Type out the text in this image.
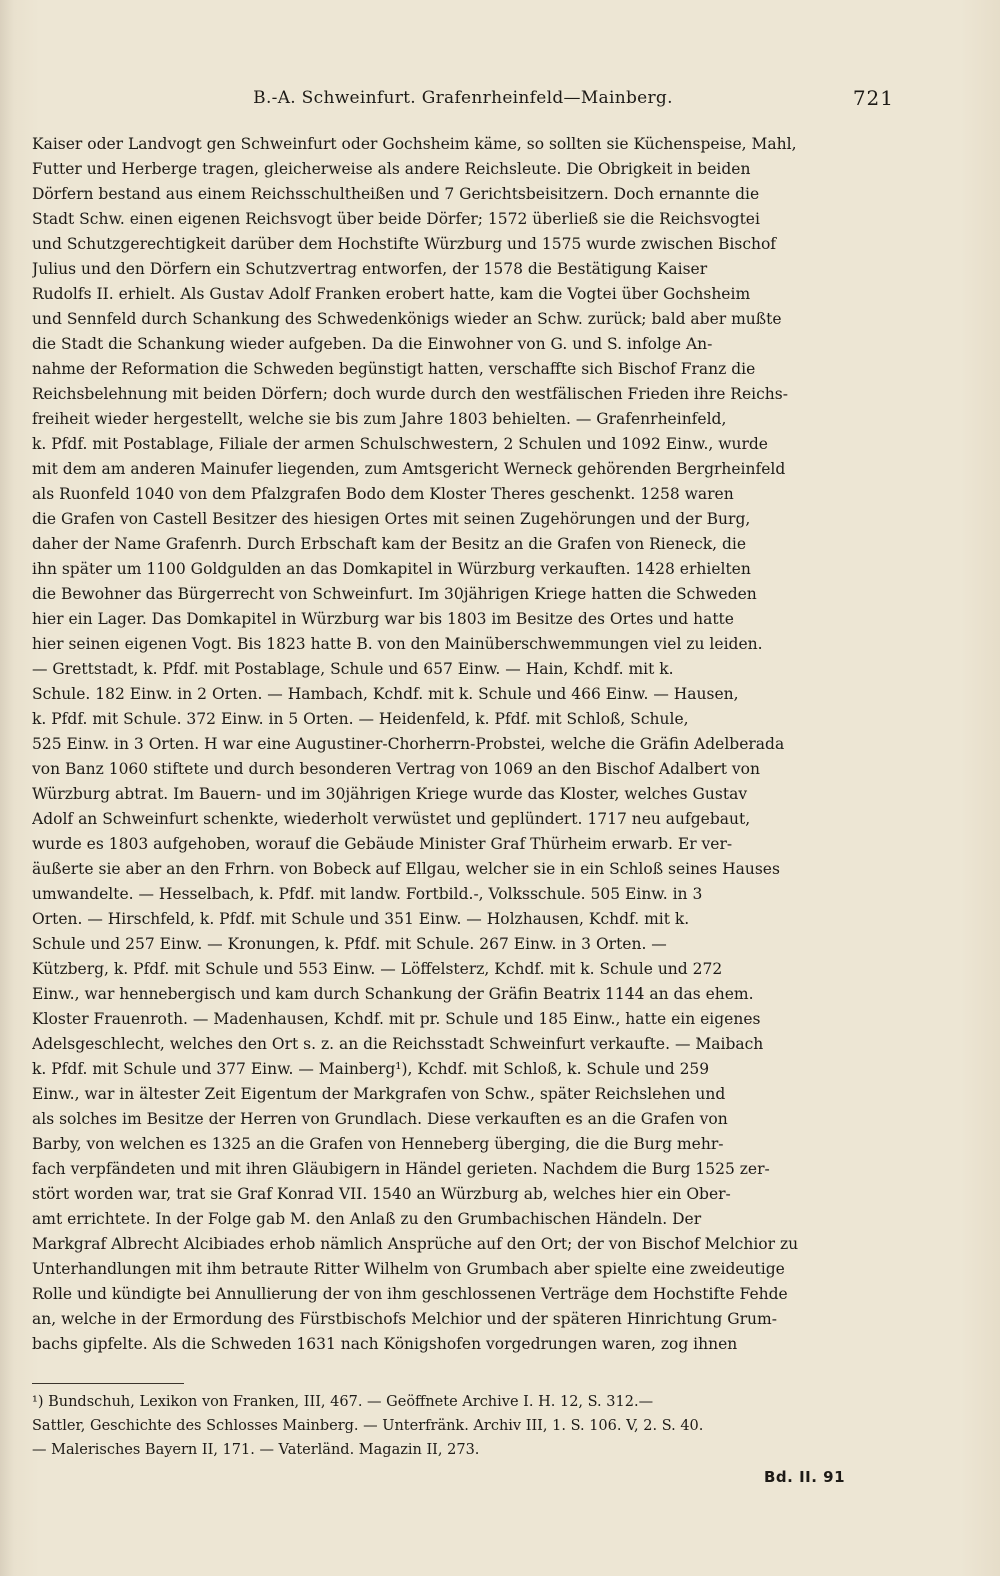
B.-A. Schweinfurt. Grafenrheinfeld—Mainberg.	721
Kaiser oder Landvogt gen Schweinfurt oder Gochsheim käme, so sollten sie Küchenspeise, Mahl,
Futter und Herberge tragen, gleicherweise als andere Reichsleute. Die Obrigkeit in beiden
Dörfern bestand aus einem Reichsschultheißen und 7 Gerichtsbeisitzern. Doch ernannte die
Stadt Schw. einen eigenen Reichsvogt über beide Dörfer; 1572 überließ sie die Reichsvogtei
und Schutzgerechtigkeit darüber dem Hochstifte Würzburg und 1575 wurde zwischen Bischof
Julius und den Dörfern ein Schutzvertrag entworfen, der 1578 die Bestätigung Kaiser
Rudolfs II. erhielt. Als Gustav Adolf Franken erobert hatte, kam die Vogtei über Gochsheim
und Sennfeld durch Schankung des Schwedenkönigs wieder an Schw. zurück; bald aber mußte
die Stadt die Schankung wieder aufgeben. Da die Einwohner von G. und S. infolge An-
nahme der Reformation die Schweden begünstigt hatten, verschaffte sich Bischof Franz die
Reichsbelehnung mit beiden Dörfern; doch wurde durch den westfälischen Frieden ihre Reichs-
freiheit wieder hergestellt, welche sie bis zum Jahre 1803 behielten. — Grafenrheinfeld,
k. Pfdf. mit Postablage, Filiale der armen Schulschwestern, 2 Schulen und 1092 Einw., wurde
mit dem am anderen Mainufer liegenden, zum Amtsgericht Werneck gehörenden Bergrheinfeld
als Ruonfeld 1040 von dem Pfalzgrafen Bodo dem Kloster Theres geschenkt. 1258 waren
die Grafen von Castell Besitzer des hiesigen Ortes mit seinen Zugehörungen und der Burg,
daher der Name Grafenrh. Durch Erbschaft kam der Besitz an die Grafen von Rieneck, die
ihn später um 1100 Goldgulden an das Domkapitel in Würzburg verkauften. 1428 erhielten
die Bewohner das Bürgerrecht von Schweinfurt. Im 30jährigen Kriege hatten die Schweden
hier ein Lager. Das Domkapitel in Würzburg war bis 1803 im Besitze des Ortes und hatte
hier seinen eigenen Vogt. Bis 1823 hatte B. von den Mainüberschwemmungen viel zu leiden.
— Grettstadt, k. Pfdf. mit Postablage, Schule und 657 Einw. — Hain, Kchdf. mit k.
Schule. 182 Einw. in 2 Orten. — Hambach, Kchdf. mit k. Schule und 466 Einw. — Hausen,
k. Pfdf. mit Schule. 372 Einw. in 5 Orten. — Heidenfeld, k. Pfdf. mit Schloß, Schule,
525 Einw. in 3 Orten. H war eine Augustiner-Chorherrn-Probstei, welche die Gräfin Adelberada
von Banz 1060 stiftete und durch besonderen Vertrag von 1069 an den Bischof Adalbert von
Würzburg abtrat. Im Bauern- und im 30jährigen Kriege wurde das Kloster, welches Gustav
Adolf an Schweinfurt schenkte, wiederholt verwüstet und geplündert. 1717 neu aufgebaut,
wurde es 1803 aufgehoben, worauf die Gebäude Minister Graf Thürheim erwarb. Er ver-
äußerte sie aber an den Frhrn. von Bobeck auf Ellgau, welcher sie in ein Schloß seines Hauses
umwandelte. — Hesselbach, k. Pfdf. mit landw. Fortbild.-, Volksschule. 505 Einw. in 3
Orten. — Hirschfeld, k. Pfdf. mit Schule und 351 Einw. — Holzhausen, Kchdf. mit k.
Schule und 257 Einw. — Kronungen, k. Pfdf. mit Schule. 267 Einw. in 3 Orten. —
Kützberg, k. Pfdf. mit Schule und 553 Einw. — Löffelsterz, Kchdf. mit k. Schule und 272
Einw., war hennebergisch und kam durch Schankung der Gräfin Beatrix 1144 an das ehem.
Kloster Frauenroth. — Madenhausen, Kchdf. mit pr. Schule und 185 Einw., hatte ein eigenes
Adelsgeschlecht, welches den Ort s. z. an die Reichsstadt Schweinfurt verkaufte. — Maibach
k. Pfdf. mit Schule und 377 Einw. — Mainberg¹), Kchdf. mit Schloß, k. Schule und 259
Einw., war in ältester Zeit Eigentum der Markgrafen von Schw., später Reichslehen und
als solches im Besitze der Herren von Grundlach. Diese verkauften es an die Grafen von
Barby, von welchen es 1325 an die Grafen von Henneberg überging, die die Burg mehr-
fach verpfändeten und mit ihren Gläubigern in Händel gerieten. Nachdem die Burg 1525 zer-
stört worden war, trat sie Graf Konrad VII. 1540 an Würzburg ab, welches hier ein Ober-
amt errichtete. In der Folge gab M. den Anlaß zu den Grumbachischen Händeln. Der
Markgraf Albrecht Alcibiades erhob nämlich Ansprüche auf den Ort; der von Bischof Melchior zu
Unterhandlungen mit ihm betraute Ritter Wilhelm von Grumbach aber spielte eine zweideutige
Rolle und kündigte bei Annullierung der von ihm geschlossenen Verträge dem Hochstifte Fehde
an, welche in der Ermordung des Fürstbischofs Melchior und der späteren Hinrichtung Grum-
bachs gipfelte. Als die Schweden 1631 nach Königshofen vorgedrungen waren, zog ihnen
¹) Bundschuh, Lexikon von Franken, III, 467. — Geöffnete Archive I. H. 12, S. 312.—
Sattler, Geschichte des Schlosses Mainberg. — Unterfränk. Archiv III, 1. S. 106. V, 2. S. 40.
— Malerisches Bayern II, 171. — Vaterländ. Magazin II, 273.
Bd. II. 91
